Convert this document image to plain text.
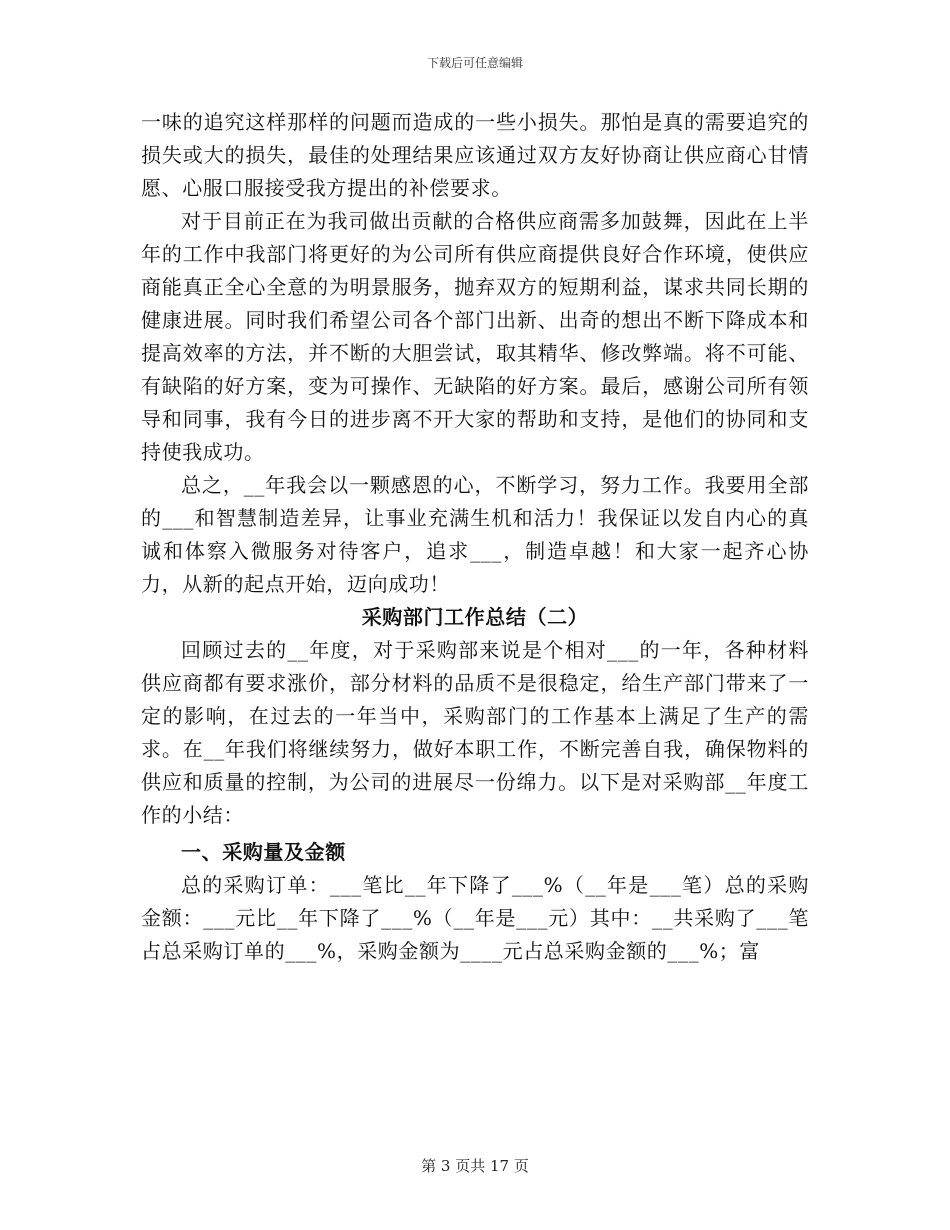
下载后可任意编辑

一味的追究这样那样的问题而造成的一些小损失。那怕是真的需要追究的损失或大的损失，最佳的处理结果应该通过双方友好协商让供应商心甘情愿、心服口服接受我方提出的补偿要求。

对于目前正在为我司做出贡献的合格供应商需多加鼓舞，因此在上半年的工作中我部门将更好的为公司所有供应商提供良好合作环境，使供应商能真正全心全意的为明景服务，抛弃双方的短期利益，谋求共同长期的健康进展。同时我们希望公司各个部门出新、出奇的想出不断下降成本和提高效率的方法，并不断的大胆尝试，取其精华、修改弊端。将不可能、有缺陷的好方案，变为可操作、无缺陷的好方案。最后，感谢公司所有领导和同事，我有今日的进步离不开大家的帮助和支持，是他们的协同和支持使我成功。

总之，__年我会以一颗感恩的心，不断学习，努力工作。我要用全部的___和智慧制造差异，让事业充满生机和活力！我保证以发自内心的真诚和体察入微服务对待客户，追求___，制造卓越！和大家一起齐心协力，从新的起点开始，迈向成功！

采购部门工作总结（二）

回顾过去的__年度，对于采购部来说是个相对___的一年，各种材料供应商都有要求涨价，部分材料的品质不是很稳定，给生产部门带来了一定的影响，在过去的一年当中，采购部门的工作基本上满足了生产的需求。在__年我们将继续努力，做好本职工作，不断完善自我，确保物料的供应和质量的控制，为公司的进展尽一份绵力。以下是对采购部__年度工作的小结：

一、采购量及金额

总的采购订单：___笔比__年下降了___%（__年是___笔）总的采购金额：___元比__年下降了___%（__年是___元）其中：__共采购了___笔占总采购订单的___%，采购金额为____元占总采购金额的___%；富

第 3 页共 17 页
